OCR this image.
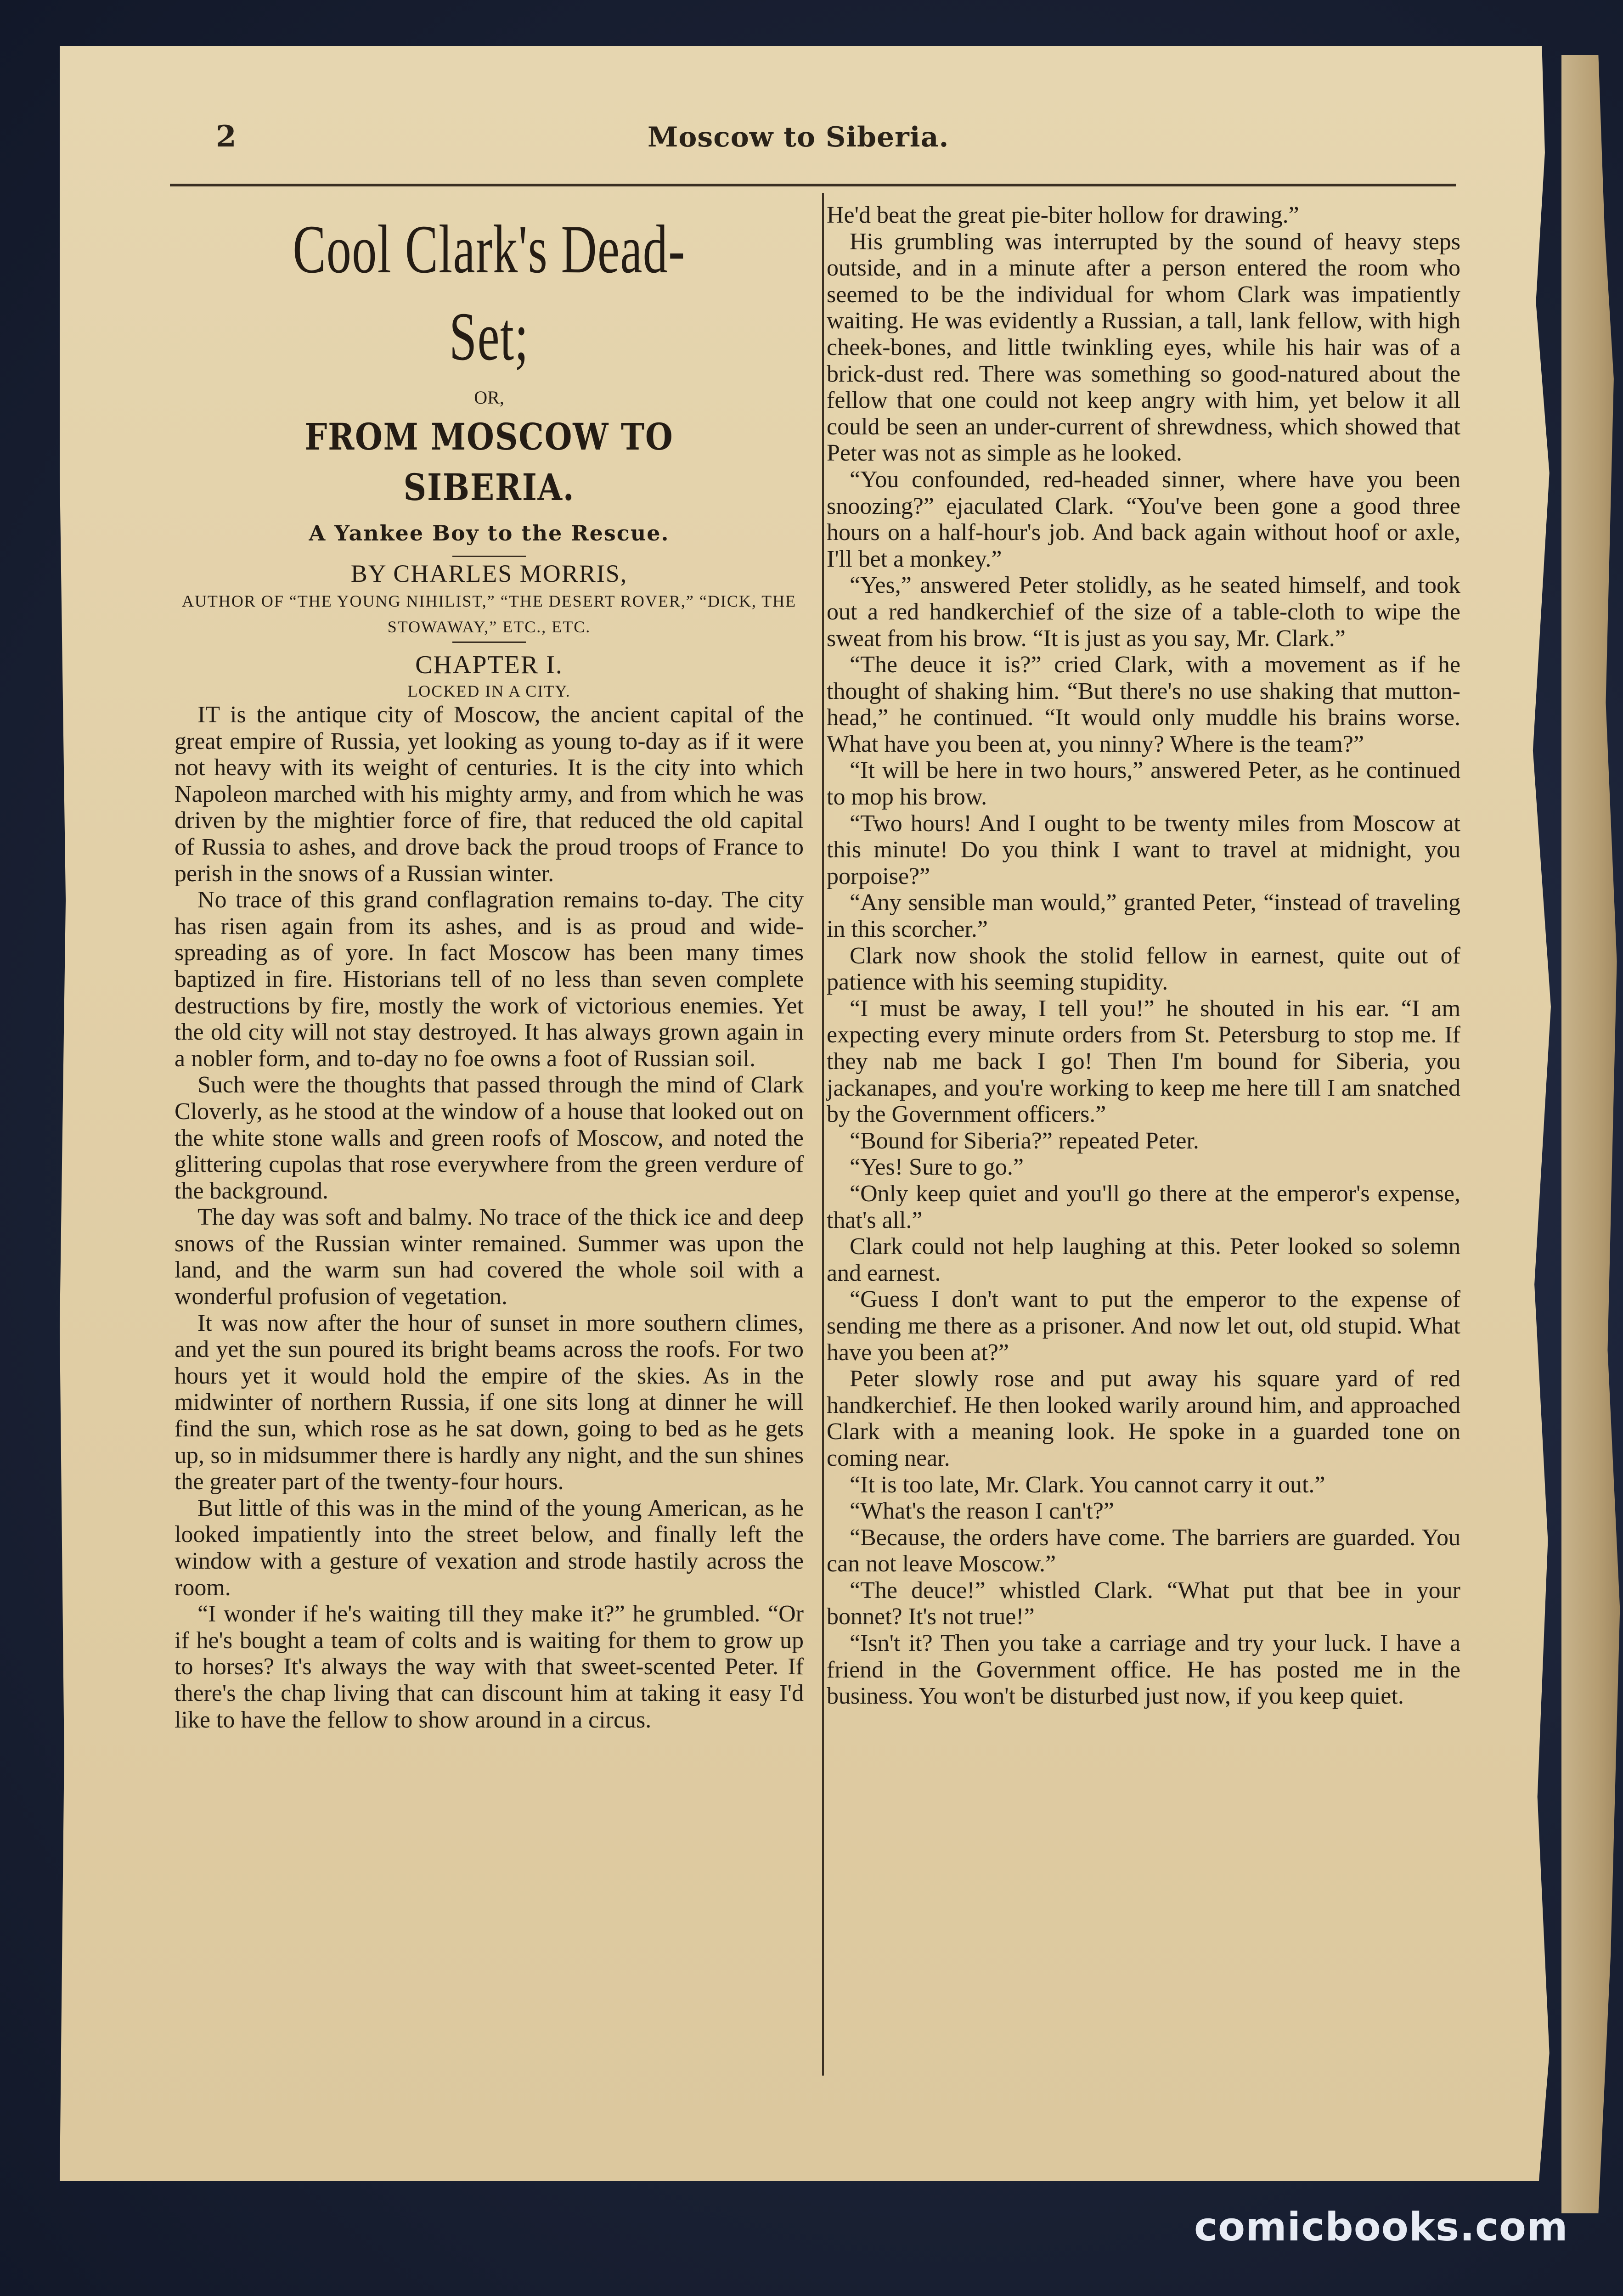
2	Moscow to Siberia.
Cool Clark's Dead-Set;
OR,
FROM MOSCOW TO SIBERIA.
A Yankee Boy to the Rescue.
BY CHARLES MORRIS,
AUTHOR OF “THE YOUNG NIHILIST,” “THE DESERT ROVER,” “DICK, THE STOWAWAY,” ETC., ETC.
CHAPTER I.
LOCKED IN A CITY.

IT is the antique city of Moscow, the ancient capital of the great empire of Russia, yet looking as young to-day as if it were not heavy with its weight of centuries. It is the city into which Napoleon marched with his mighty army, and from which he was driven by the mightier force of fire, that reduced the old capital of Russia to ashes, and drove back the proud troops of France to perish in the snows of a Russian winter.

No trace of this grand conflagration remains to-day. The city has risen again from its ashes, and is as proud and wide-spreading as of yore. In fact Moscow has been many times baptized in fire. Historians tell of no less than seven complete destructions by fire, mostly the work of victorious enemies. Yet the old city will not stay destroyed. It has always grown again in a nobler form, and to-day no foe owns a foot of Russian soil.

Such were the thoughts that passed through the mind of Clark Cloverly, as he stood at the window of a house that looked out on the white stone walls and green roofs of Moscow, and noted the glittering cupolas that rose everywhere from the green verdure of the background.

The day was soft and balmy. No trace of the thick ice and deep snows of the Russian winter remained. Summer was upon the land, and the warm sun had covered the whole soil with a wonderful profusion of vegetation.

It was now after the hour of sunset in more southern climes, and yet the sun poured its bright beams across the roofs. For two hours yet it would hold the empire of the skies. As in the midwinter of northern Russia, if one sits long at dinner he will find the sun, which rose as he sat down, going to bed as he gets up, so in midsummer there is hardly any night, and the sun shines the greater part of the twenty-four hours.

But little of this was in the mind of the young American, as he looked impatiently into the street below, and finally left the window with a gesture of vexation and strode hastily across the room.

“I wonder if he's waiting till they make it?” he grumbled. “Or if he's bought a team of colts and is waiting for them to grow up to horses? It's always the way with that sweet-scented Peter. If there's the chap living that can discount him at taking it easy I'd like to have the fellow to show around in a circus.

He'd beat the great pie-biter hollow for drawing.”

His grumbling was interrupted by the sound of heavy steps outside, and in a minute after a person entered the room who seemed to be the individual for whom Clark was impatiently waiting. He was evidently a Russian, a tall, lank fellow, with high cheek-bones, and little twinkling eyes, while his hair was of a brick-dust red. There was something so good-natured about the fellow that one could not keep angry with him, yet below it all could be seen an under-current of shrewdness, which showed that Peter was not as simple as he looked.

“You confounded, red-headed sinner, where have you been snoozing?” ejaculated Clark. “You've been gone a good three hours on a half-hour's job. And back again without hoof or axle, I'll bet a monkey.”

“Yes,” answered Peter stolidly, as he seated himself, and took out a red handkerchief of the size of a table-cloth to wipe the sweat from his brow. “It is just as you say, Mr. Clark.”

“The deuce it is?” cried Clark, with a movement as if he thought of shaking him. “But there's no use shaking that mutton-head,” he continued. “It would only muddle his brains worse. What have you been at, you ninny? Where is the team?”

“It will be here in two hours,” answered Peter, as he continued to mop his brow.

“Two hours! And I ought to be twenty miles from Moscow at this minute! Do you think I want to travel at midnight, you porpoise?”

“Any sensible man would,” granted Peter, “instead of traveling in this scorcher.”

Clark now shook the stolid fellow in earnest, quite out of patience with his seeming stupidity.

“I must be away, I tell you!” he shouted in his ear. “I am expecting every minute orders from St. Petersburg to stop me. If they nab me back I go! Then I'm bound for Siberia, you jackanapes, and you're working to keep me here till I am snatched by the Government officers.”

“Bound for Siberia?” repeated Peter.

“Yes! Sure to go.”

“Only keep quiet and you'll go there at the emperor's expense, that's all.”

Clark could not help laughing at this. Peter looked so solemn and earnest.

“Guess I don't want to put the emperor to the expense of sending me there as a prisoner. And now let out, old stupid. What have you been at?”

Peter slowly rose and put away his square yard of red handkerchief. He then looked warily around him, and approached Clark with a meaning look. He spoke in a guarded tone on coming near.

“It is too late, Mr. Clark. You cannot carry it out.”

“What's the reason I can't?”

“Because, the orders have come. The barriers are guarded. You can not leave Moscow.”

“The deuce!” whistled Clark. “What put that bee in your bonnet? It's not true!”

“Isn't it? Then you take a carriage and try your luck. I have a friend in the Government office. He has posted me in the business. You won't be disturbed just now, if you keep quiet.

comicbooks.com
